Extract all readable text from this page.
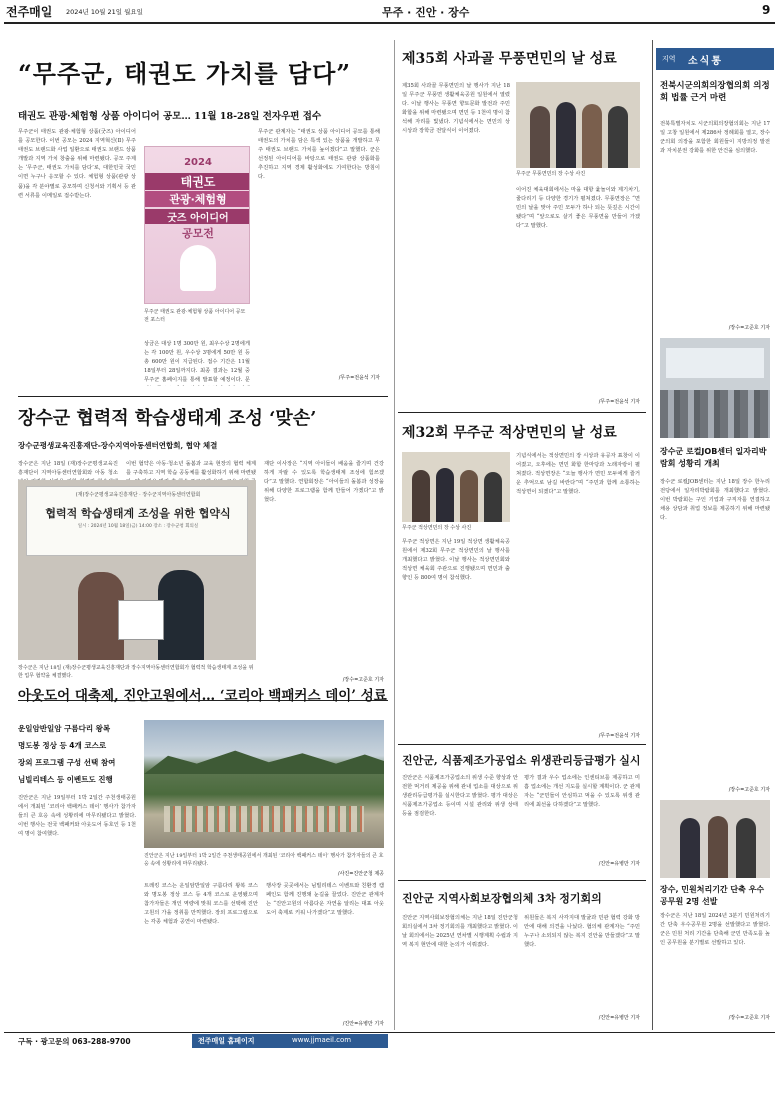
전주매일 2024년 10월 21일 월요일	무주 · 진안 · 장수	9
“무주군, 태권도 가치를 담다”
태권도 관광·체험형 상품 아이디어 공모… 11월 18-28일 전자우편 접수
무주군이 태권도 관광·체험형 상품(굿즈) 아이디어를 공모한다. 이번 공모는 2024 지역혁신(Ⅱ) 무주태권도 브랜드화 사업 일환으로 태권도 브랜드 상품 개발과 지역 가치 창출을 위해 마련됐다. 공모 주제는 ‘무주군, 태권도 가치를 담다’로, 대한민국 국민이면 누구나 응모할 수 있다. 체험형 상품(관광 상품)을 각 분야별로 공모하며 신청서와 기획서 등 관련 서류를 이메일로 접수받는다.
2024
태권도
관광·체험형
굿즈 아이디어
공모전
무주군 태권도 관광·체험형 상품 아이디어 공모전 포스터
상금은 대상 1명 300만 원, 최우수상 2명에게는 각 100만 원, 우수상 3명에게 50만 원 등 총 600만 원이 지급된다. 접수 기간은 11월 18일부터 28일까지다. 최종 결과는 12월 중 무주군 홈페이지를 통해 발표할 예정이다. 문
무주군 관계자는 “태권도 상품 아이디어 공모를 통해 태권도의 가치를 담은 특색 있는 상품을 개발하고 무주 태권도 브랜드 가치를 높이겠다”고 말했다. 군은 선정된 아이디어를 바탕으로 태권도 관광 상품화를 추진하고 지역 경제 활성화에도 기여한다는 방침이다.
/무주=전윤석 기자
장수군 협력적 학습생태계 조성 ‘맞손’
장수군평생교육진흥재단-장수지역아동센터연합회, 협약 체결
장수군은 지난 18일 (재)장수군평생교육진흥재단이 지역아동센터연합회와 아동 청소
이번 협약은 아동·청소년 돌봄과 교육 현장의 협력 체계를 구축하고 지역 학습 공동체를 활성화하기 위해 마련됐
(재)장수군평생교육진흥재단 · 장수군지역아동센터연합회
협력적 학습생태계 조성을 위한 협약식
일시 : 2024년 10월 18일(금) 14:00 장소 : 장수군청 회의실
장수군은 지난 18일 (재)장수군평생교육진흥재단과 장수지역아동센터연합회가 협력적 학습생태계 조성을 위한 업무 협약을 체결했다.
재단 이사장은 “지역 아이들이 배움을 즐기며 건강하게 자랄 수 있도록 학습생태계 조성에 힘쓰겠다”고 말했다. 연합회장은 “아이들의 돌봄과 성장을 위해 다양한 프로그램을 함께 만들어 가겠다”고 밝혔다.
/장수=고준호 기자
아웃도어 대축제, 진안고원에서… ‘코리아 백패커스 데이’ 성료
운일암반일암 구름다리 왕복
명도봉 정상 등 4개 코스로
장외 프로그램 구성 선택 참여
님빌리테스 등 이벤트도 진행
진안군은 지난 19일부터 1박 2일간 주천생태공원에서 개최된 ‘코리아 백패커스 데이’ 행사가 참가자들의 큰 호응 속에 성황리에 마무리됐다고 밝혔다. 이번 행사는 전국 백패커와 아웃도어 동호인 등 1천여 명이 참여했다.
진안군은 지난 19일부터 1박 2일간 주천생태공원에서 개최된 ‘코리아 백패커스 데이’ 행사가 참가자들의 큰 호응 속에 성황리에 마무리됐다.
/사진=진안군청 제공
트레킹 코스는 운일암반일암 구름다리 왕복 코스와 명도봉 정상 코스 등 4개 코스로 운영됐으며 참가자들은 개인 역량에 맞춰 코스를 선택해 진안고원의 가을 정취를 만끽했다. 장외 프로그램으로는 각종 체험과 공연이 마련됐다.
행사장 곳곳에서는 님빌리테스 이벤트와 친환경 캠페인도 함께 진행돼 눈길을 끌었다. 진안군 관계자는 “진안고원의 아름다운 자연을 알리는 대표 아웃도어 축제로 키워 나가겠다”고 말했다.
/진안=유병만 기자
제35회 사과골 무풍면민의 날 성료
제35회 사과골 무풍면민의 날 행사가 지난 18일 무주군 무풍면 생활체육공원 일원에서 열렸다. 이날 행사는 무풍면 향토문화 발전과 주민 화합을 위해 마련됐으며 면민 등 1천여 명이 참석해 자리를 빛냈다. 기념식에서는 면민의 상 시상과 장학금 전달식이 이어졌다.
무주군 무풍면민의 장 수상 사진
이어진 체육대회에서는 마을 대항 윷놀이와 제기차기, 줄다리기 등 다양한 경기가 펼쳐졌다. 무풍면장은 “면민의 날을 맞아 주민 모두가 하나 되는 뜻깊은 시간이 됐다”며 “앞으로도 살기 좋은 무풍면을 만들어 가겠다”고 말했다.
/무주=전윤석 기자
제32회 무주군 적상면민의 날 성료
무주군 적상면민의 장 수상 사진
무주군 적상면은 지난 19일 적상면 생활체육공원에서 제32회 무주군 적상면민의 날 행사를 개최했다고 밝혔다. 이날 행사는 적상면민회와 적상면 체육회 주관으로 진행됐으며 면민과 출향인 등 800여 명이 참석했다.
기념식에서는 적상면민의 장 시상과 유공자 표창이 이어졌고, 오후에는 면민 화합 한마당과 노래자랑이 펼쳐졌다. 적상면장은 “오늘 행사가 면민 모두에게 즐거운 추억으로 남길 바란다”며 “주민과 함께 소통하는 적상면이 되겠다”고 말했다.
/무주=전윤석 기자
진안군, 식품제조가공업소 위생관리등급평가 실시
진안군은 식품제조가공업소의 위생 수준 향상과 안전한 먹거리 제공을 위해 관내 업소를 대상으로 위생관리등급평가를 실시한다고 밝혔다. 평가 대상은 식품제조가공업소 등이며 시설 관리와 위생 상태 등을 점검한다.
평가 결과 우수 업소에는 인센티브를 제공하고 미흡 업소에는 개선 지도를 실시할 계획이다. 군 관계자는 “군민들이 안심하고 먹을 수 있도록 위생 관리에 최선을 다하겠다”고 말했다.
/진안=유병만 기자
진안군 지역사회보장협의체 3차 정기회의
진안군 지역사회보장협의체는 지난 18일 진안군청 회의실에서 3차 정기회의를 개최했다고 밝혔다. 이날 회의에서는 2025년 연차별 시행계획 수립과 지역 복지 현안에 대한 논의가 이뤄졌다.
위원들은 복지 사각지대 발굴과 민관 협력 강화 방안에 대해 의견을 나눴다. 협의체 관계자는 “주민 누구나 소외되지 않는 복지 진안을 만들겠다”고 말했다.
/진안=유병만 기자
지역 소식통
전북시군의회의장협의회 의정회 법률 근거 마련
전북특별자치도 시군의회의장협의회는 지난 17일 고창 일원에서 제286차 정례회를 열고, 장수군의회 의장을 포함한 회원들이 지방의정 발전과 자치분권 강화를 위한 안건을 심의했다.
/장수=고준호 기자
장수군 로컬JOB센터 일자리박람회 성황리 개최
장수군 로컬JOB센터는 지난 18일 장수 한누리전당에서 일자리박람회를 개최했다고 밝혔다. 이번 박람회는 구인 기업과 구직자를 연결하고 채용 상담과 취업 정보를 제공하기 위해 마련됐다.
/장수=고준호 기자
장수, 민원처리기간 단축 우수공무원 2명 선발
장수군은 지난 18일 2024년 3분기 민원처리기간 단축 우수공무원 2명을 선발했다고 밝혔다. 군은 민원 처리 기간을 단축해 군민 만족도를 높인 공무원을 분기별로 선발하고 있다.
/장수=고준호 기자
구독 · 광고문의 063-288-9700	전주매일 홈페이지	www.jjmaeil.com
